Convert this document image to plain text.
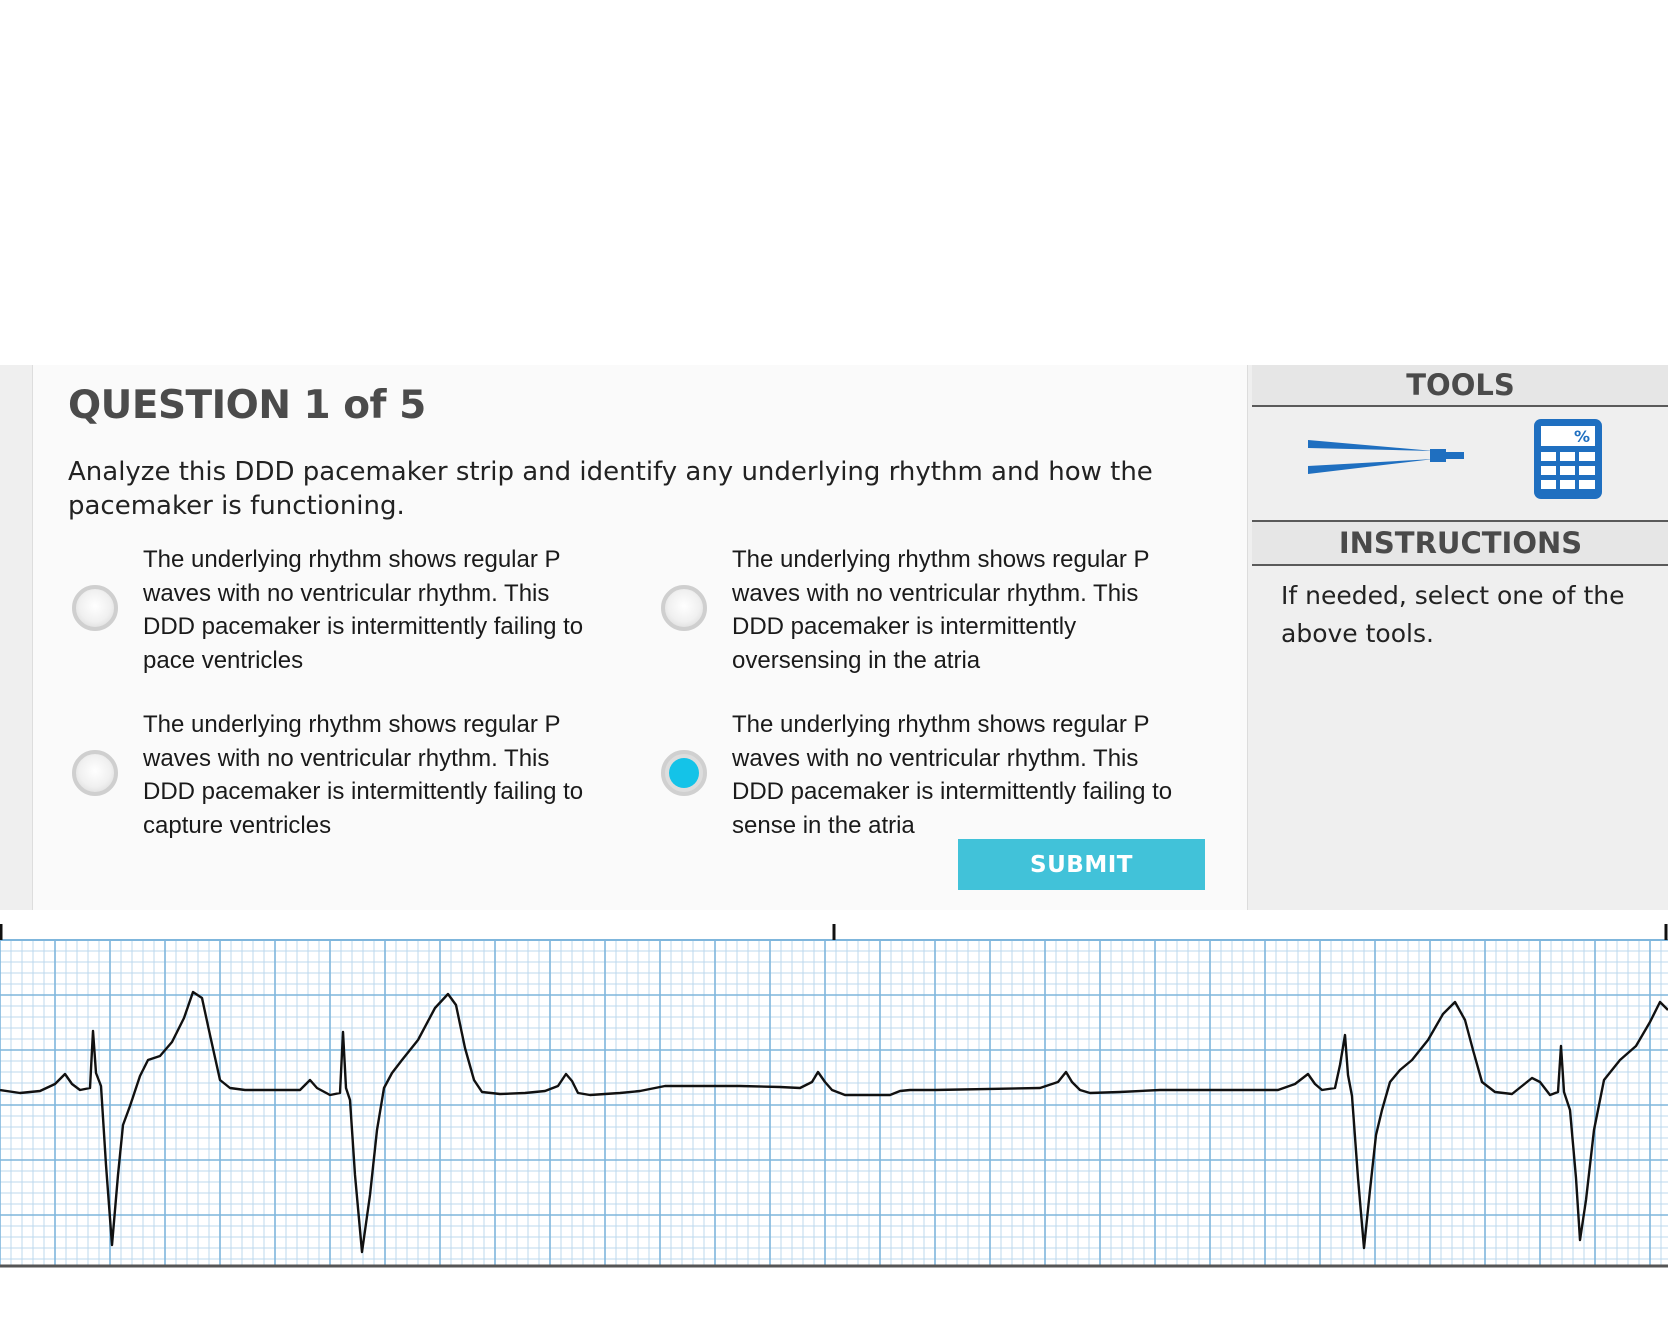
QUESTION 1 of 5
Analyze this DDD pacemaker strip and identify any underlying rhythm and how the pacemaker is functioning.
The underlying rhythm shows regular P waves with no ventricular rhythm. This DDD pacemaker is intermittently failing to pace ventricles
The underlying rhythm shows regular P waves with no ventricular rhythm. This DDD pacemaker is intermittently oversensing in the atria
The underlying rhythm shows regular P waves with no ventricular rhythm. This DDD pacemaker is intermittently failing to capture ventricles
The underlying rhythm shows regular P waves with no ventricular rhythm. This DDD pacemaker is intermittently failing to sense in the atria
SUBMIT
TOOLS
%
INSTRUCTIONS
If needed, select one of the above tools.
